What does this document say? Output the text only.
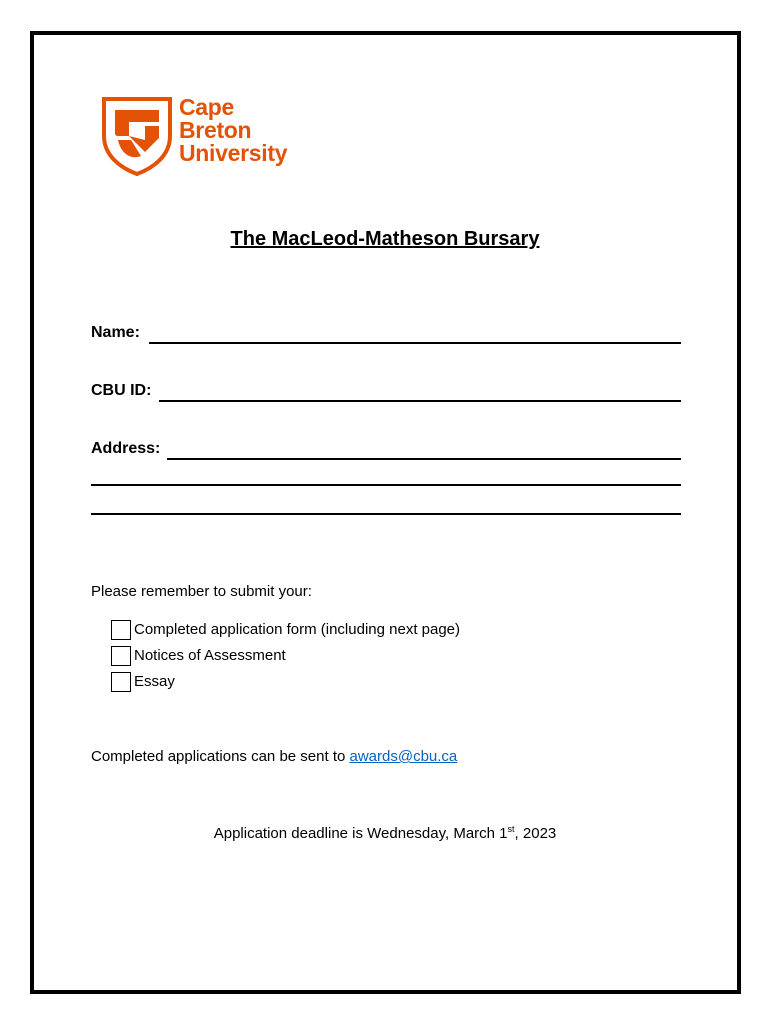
Cape
Breton
University
The MacLeod-Matheson Bursary
Name:
CBU ID:
Address:
Please remember to submit your:
Completed application form (including next page)
Notices of Assessment
Essay
Completed applications can be sent to awards@cbu.ca
Application deadline is Wednesday, March 1st, 2023
